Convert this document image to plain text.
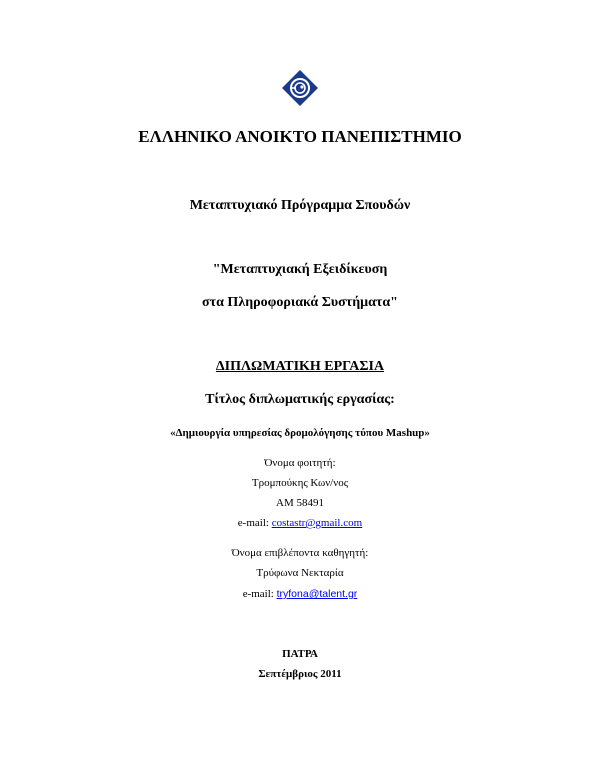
ΕΛΛΗΝΙΚΟ ΑΝΟΙΚΤΟ ΠΑΝΕΠΙΣΤΗΜΙΟ
Μεταπτυχιακό Πρόγραμμα Σπουδών
"Μεταπτυχιακή Εξειδίκευση
στα Πληροφοριακά Συστήματα"
ΔΙΠΛΩΜΑΤΙΚΗ ΕΡΓΑΣΙΑ
Τίτλος διπλωματικής εργασίας:
«Δημιουργία υπηρεσίας δρομολόγησης τύπου Mashup»
Όνομα φοιτητή:
Τρομπούκης Κων/νος
ΑΜ 58491
e-mail: costastr@gmail.com
Όνομα επιβλέποντα καθηγητή:
Τρύφωνα Νεκταρία
e-mail: tryfona@talent.gr
ΠΑΤΡΑ
Σεπτέμβριος 2011
